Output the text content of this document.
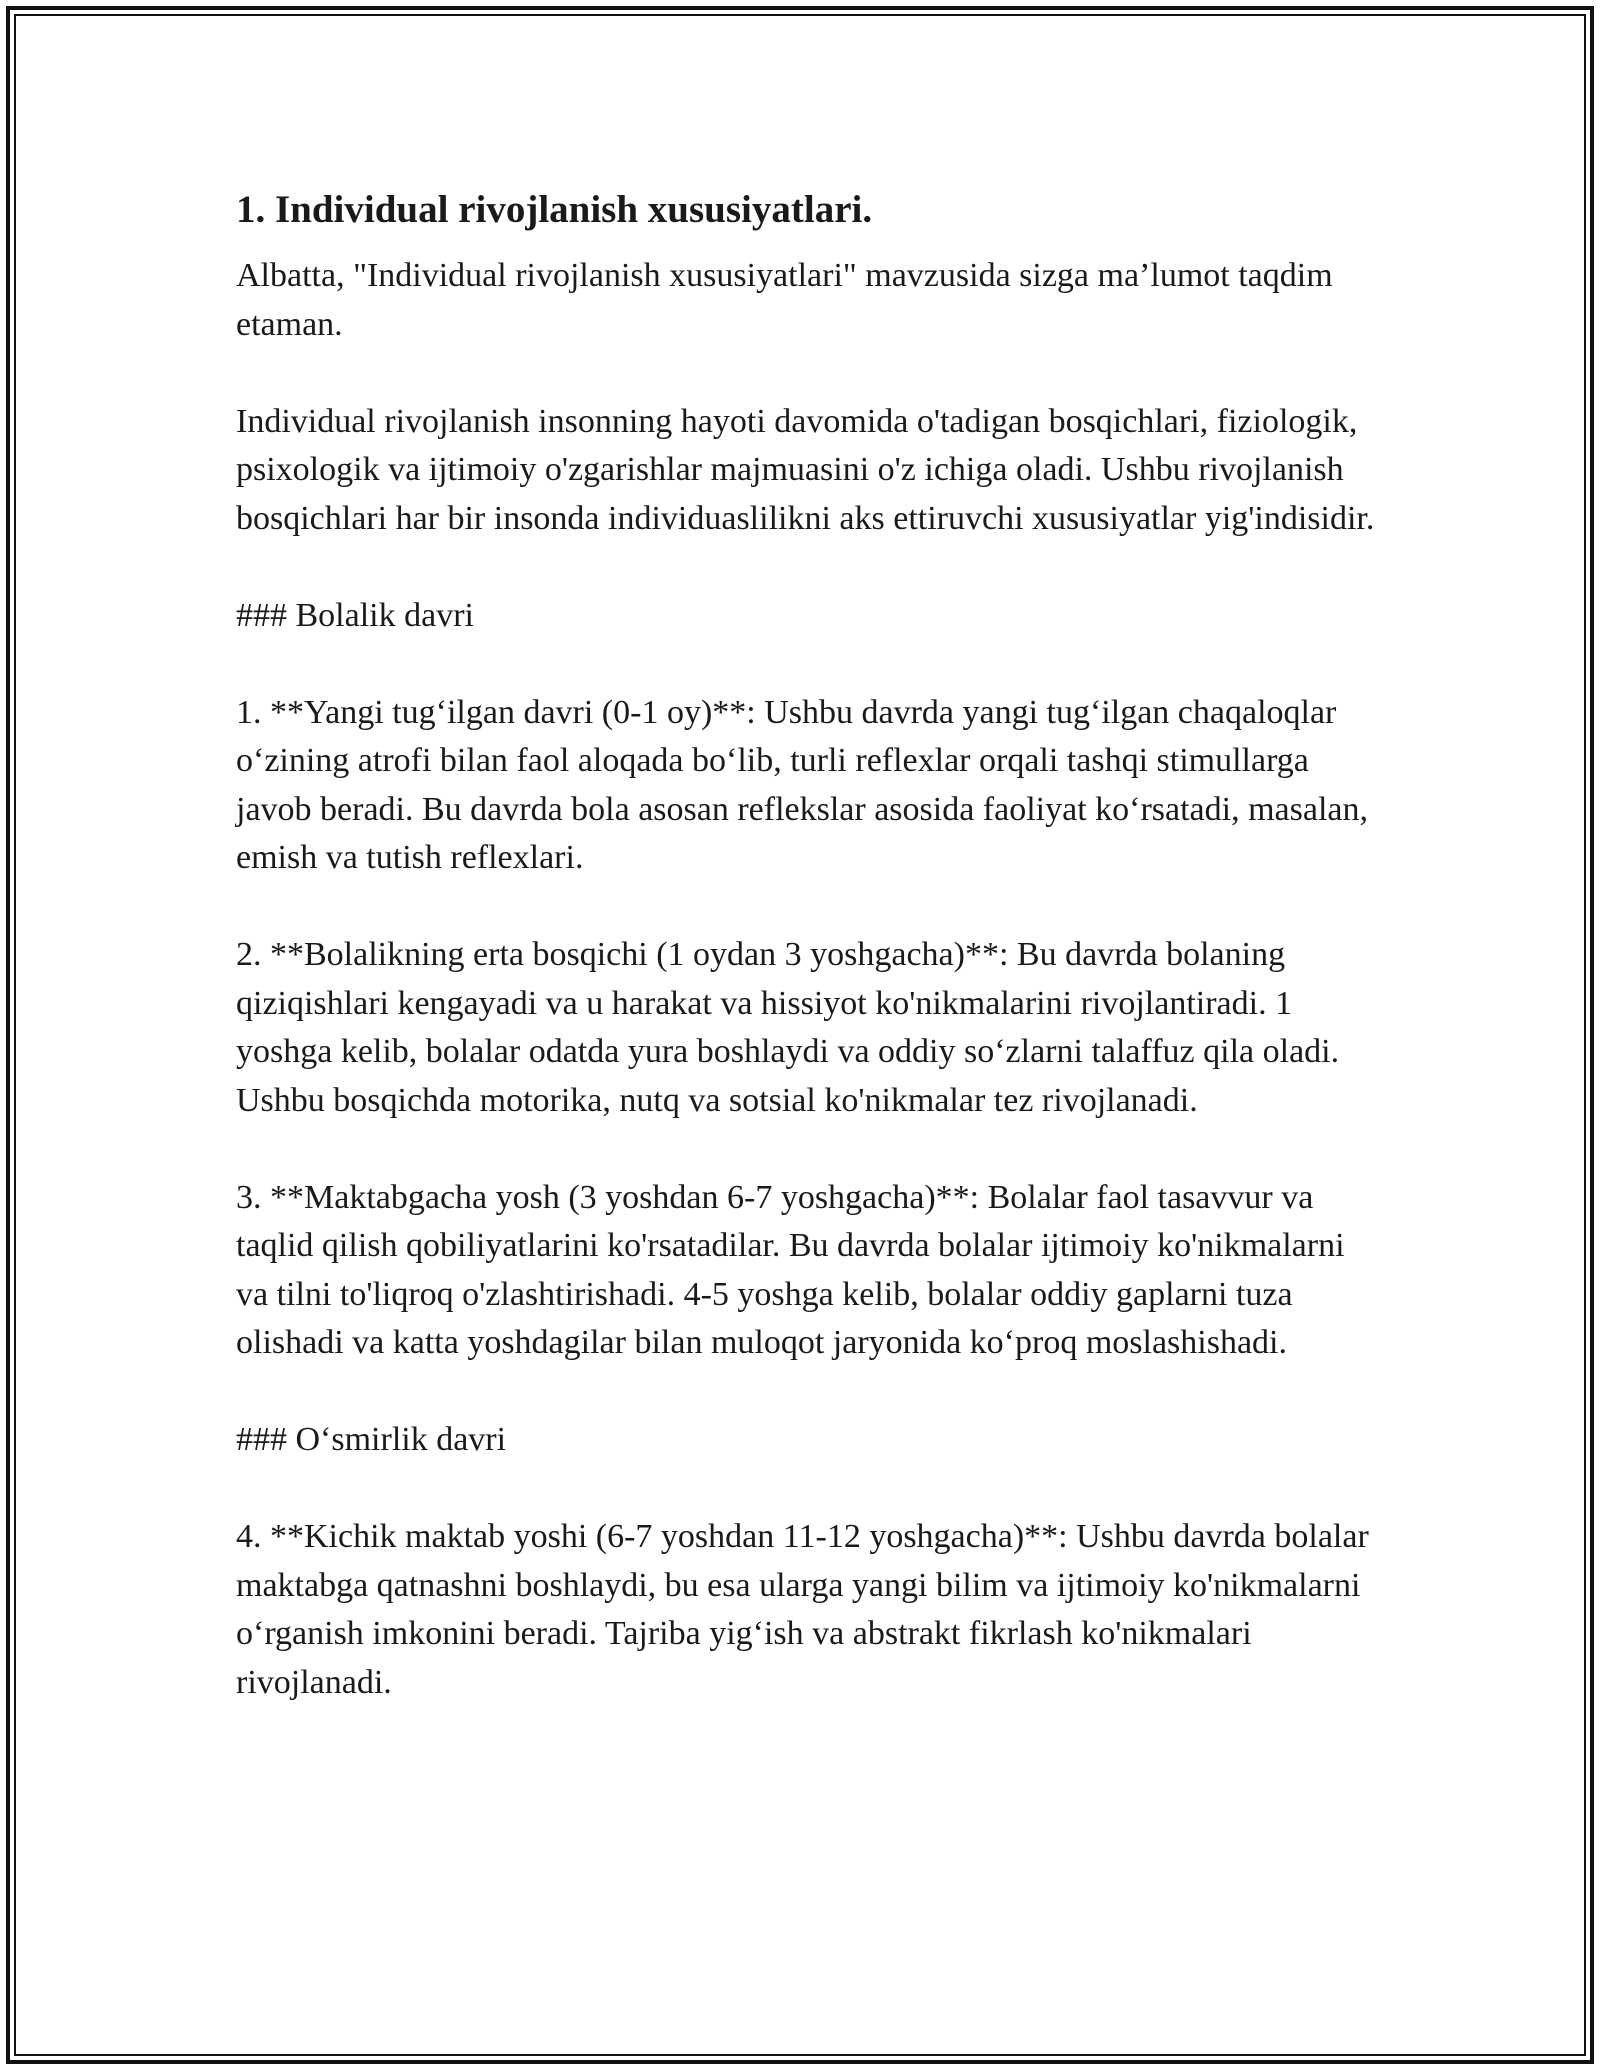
1. Individual rivojlanish xususiyatlari.

Albatta, "Individual rivojlanish xususiyatlari" mavzusida sizga ma’lumot taqdim etaman.

Individual rivojlanish insonning hayoti davomida o'tadigan bosqichlari, fiziologik, psixologik va ijtimoiy o'zgarishlar majmuasini o'z ichiga oladi. Ushbu rivojlanish bosqichlari har bir insonda individuaslilikni aks ettiruvchi xususiyatlar yig'indisidir.

### Bolalik davri

1. **Yangi tug‘ilgan davri (0-1 oy)**: Ushbu davrda yangi tug‘ilgan chaqaloqlar o‘zining atrofi bilan faol aloqada bo‘lib, turli reflexlar orqali tashqi stimullarga javob beradi. Bu davrda bola asosan reflekslar asosida faoliyat ko‘rsatadi, masalan, emish va tutish reflexlari.

2. **Bolalikning erta bosqichi (1 oydan 3 yoshgacha)**: Bu davrda bolaning qiziqishlari kengayadi va u harakat va hissiyot ko'nikmalarini rivojlantiradi. 1 yoshga kelib, bolalar odatda yura boshlaydi va oddiy so‘zlarni talaffuz qila oladi. Ushbu bosqichda motorika, nutq va sotsial ko'nikmalar tez rivojlanadi.

3. **Maktabgacha yosh (3 yoshdan 6-7 yoshgacha)**: Bolalar faol tasavvur va taqlid qilish qobiliyatlarini ko'rsatadilar. Bu davrda bolalar ijtimoiy ko'nikmalarni va tilni to'liqroq o'zlashtirishadi. 4-5 yoshga kelib, bolalar oddiy gaplarni tuza olishadi va katta yoshdagilar bilan muloqot jaryonida ko‘proq moslashishadi.

### O‘smirlik davri

4. **Kichik maktab yoshi (6-7 yoshdan 11-12 yoshgacha)**: Ushbu davrda bolalar maktabga qatnashni boshlaydi, bu esa ularga yangi bilim va ijtimoiy ko'nikmalarni o‘rganish imkonini beradi. Tajriba yig‘ish va abstrakt fikrlash ko'nikmalari rivojlanadi.
